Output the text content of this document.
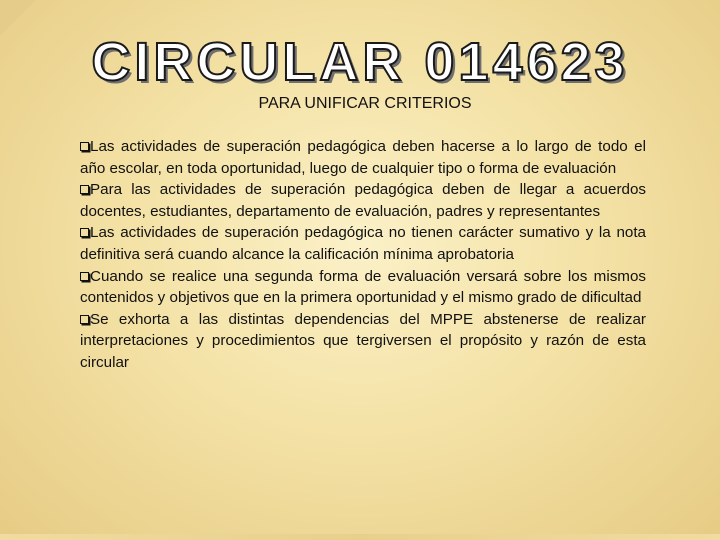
CIRCULAR 014623
PARA UNIFICAR CRITERIOS

Las actividades de superación pedagógica deben hacerse a lo largo de todo el año escolar, en toda oportunidad, luego de cualquier tipo o forma de evaluación

Para las actividades de superación pedagógica deben de llegar a acuerdos docentes, estudiantes, departamento de evaluación, padres y representantes

Las actividades de superación pedagógica no tienen carácter sumativo y la nota definitiva será cuando alcance la calificación mínima aprobatoria

Cuando se realice una segunda forma de evaluación versará sobre los mismos contenidos y objetivos que en la primera oportunidad y el mismo grado de dificultad

Se exhorta a las distintas dependencias del MPPE abstenerse de realizar interpretaciones y procedimientos que tergiversen el propósito y razón de esta circular
